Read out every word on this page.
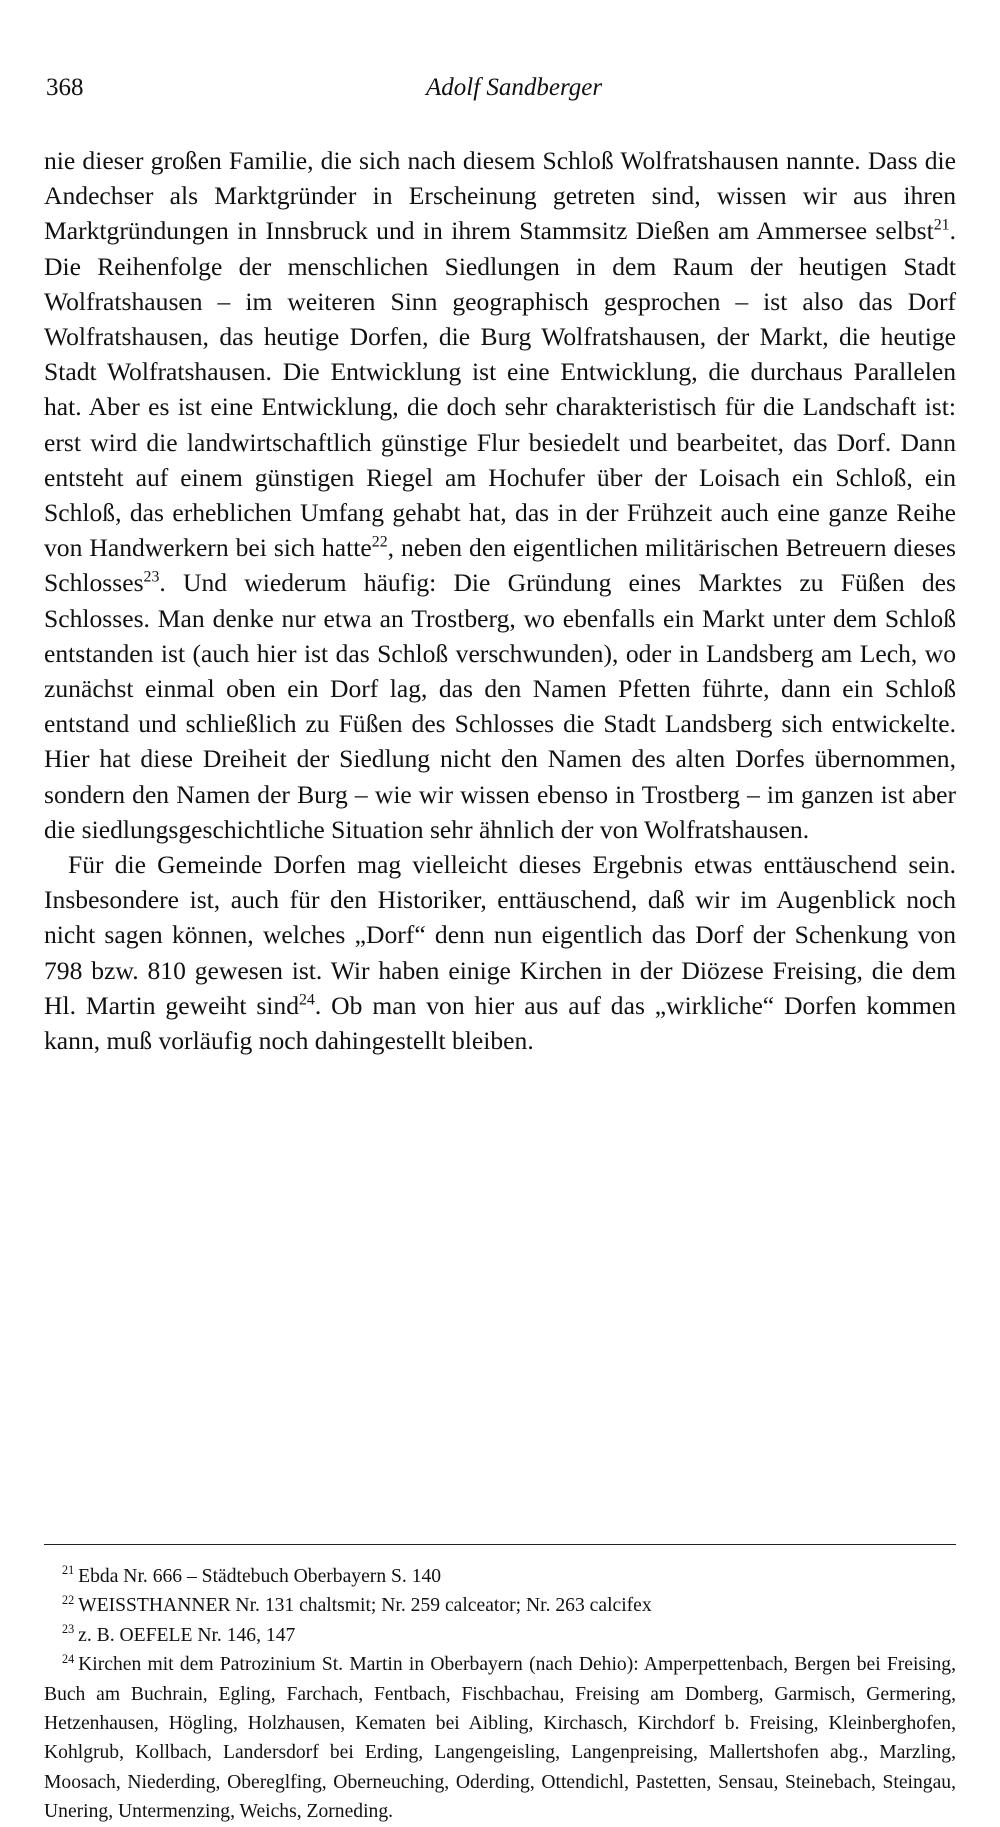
368	Adolf Sandberger

nie dieser großen Familie, die sich nach diesem Schloß Wolfratshausen nannte. Dass die Andechser als Marktgründer in Erscheinung getreten sind, wissen wir aus ihren Marktgründungen in Innsbruck und in ihrem Stammsitz Dießen am Ammersee selbst$^{21}$. Die Reihenfolge der menschlichen Siedlungen in dem Raum der heutigen Stadt Wolfratshausen – im weiteren Sinn geographisch gesprochen – ist also das Dorf Wolfratshausen, das heutige Dorfen, die Burg Wolfratshausen, der Markt, die heutige Stadt Wolfratshausen. Die Entwicklung ist eine Entwicklung, die durchaus Parallelen hat. Aber es ist eine Entwicklung, die doch sehr charakteristisch für die Landschaft ist: erst wird die landwirtschaftlich günstige Flur besiedelt und bearbeitet, das Dorf. Dann entsteht auf einem günstigen Riegel am Hochufer über der Loisach ein Schloß, ein Schloß, das erheblichen Umfang gehabt hat, das in der Frühzeit auch eine ganze Reihe von Handwerkern bei sich hatte$^{22}$, neben den eigentlichen militärischen Betreuern dieses Schlosses$^{23}$. Und wiederum häufig: Die Gründung eines Marktes zu Füßen des Schlosses. Man denke nur etwa an Trostberg, wo ebenfalls ein Markt unter dem Schloß entstanden ist (auch hier ist das Schloß verschwunden), oder in Landsberg am Lech, wo zunächst einmal oben ein Dorf lag, das den Namen Pfetten führte, dann ein Schloß entstand und schließlich zu Füßen des Schlosses die Stadt Landsberg sich entwickelte. Hier hat diese Dreiheit der Siedlung nicht den Namen des alten Dorfes übernommen, sondern den Namen der Burg – wie wir wissen ebenso in Trostberg – im ganzen ist aber die siedlungsgeschichtliche Situation sehr ähnlich der von Wolfratshausen.

Für die Gemeinde Dorfen mag vielleicht dieses Ergebnis etwas enttäuschend sein. Insbesondere ist, auch für den Historiker, enttäuschend, daß wir im Augenblick noch nicht sagen können, welches „Dorf“ denn nun eigentlich das Dorf der Schenkung von 798 bzw. 810 gewesen ist. Wir haben einige Kirchen in der Diözese Freising, die dem Hl. Martin geweiht sind$^{24}$. Ob man von hier aus auf das „wirkliche“ Dorfen kommen kann, muß vorläufig noch dahingestellt bleiben.

$^{21}$ Ebda Nr. 666 – Städtebuch Oberbayern S. 140

$^{22}$ WEISSTHANNER Nr. 131 chaltsmit; Nr. 259 calceator; Nr. 263 calcifex

$^{23}$ z. B. OEFELE Nr. 146, 147

$^{24}$ Kirchen mit dem Patrozinium St. Martin in Oberbayern (nach Dehio): Amperpettenbach, Bergen bei Freising, Buch am Buchrain, Egling, Farchach, Fentbach, Fischbachau, Freising am Domberg, Garmisch, Germering, Hetzenhausen, Högling, Holzhausen, Kematen bei Aibling, Kirchasch, Kirchdorf b. Freising, Kleinberghofen, Kohlgrub, Kollbach, Landersdorf bei Erding, Langengeisling, Langenpreising, Mallertshofen abg., Marzling, Moosach, Niederding, Obereglfing, Oberneuching, Oderding, Ottendichl, Pastetten, Sensau, Steinebach, Steingau, Unering, Untermenzing, Weichs, Zorneding.
